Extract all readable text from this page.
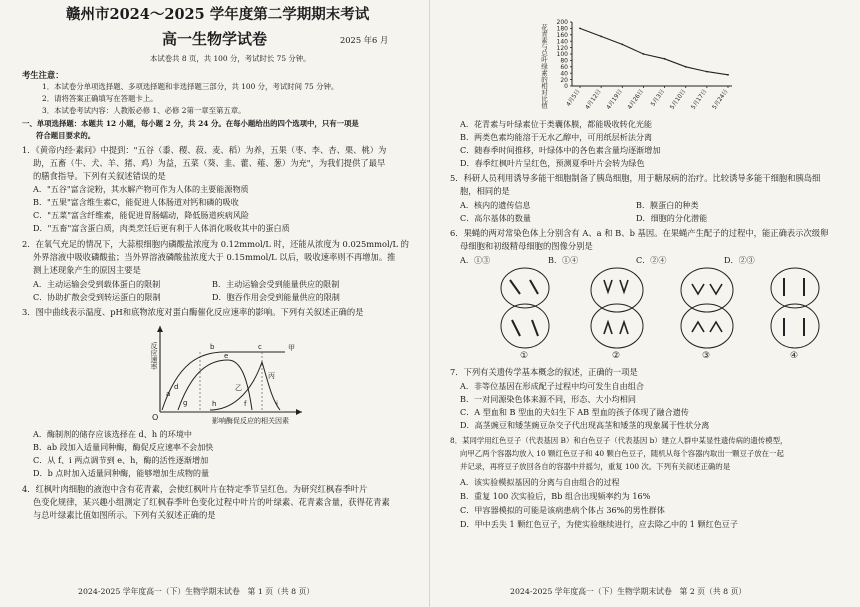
赣州市2024～2025 学年度第二学期期末考试
高一生物学试卷	2025 年6 月
本试卷共 8 页，共 100 分，考试时长 75 分钟。
考生注意：
1．本试卷分单项选择题、多项选择题和非选择题三部分，共 100 分，考试时间 75 分钟。
2．请将答案正确填写在答题卡上。
3．本试卷考试内容：人教版必修 1、必修 2第一章至第五章。
一、单项选择题：本题共 12 小题，每小题 2 分，共 24 分。在每小题给出的四个选项中，只有一项是
符合题目要求的。
1．《黄帝内经·素问》中提到："五谷（黍、稷、菽、麦、稻）为养，五果（枣、李、杏、栗、桃）为
助，五畜（牛、犬、羊、猪、鸡）为益，五菜（葵、韭、藿、薤、葱）为充"，为我们提供了最早
的膳食指导。下列有关叙述错误的是
A．"五谷"富含淀粉，其水解产物可作为人体的主要能源物质
B．"五果"富含维生素C，能促进人体肠道对钙和磷的吸收
C．"五菜"富含纤维素，能促进胃肠蠕动，降低肠道疾病风险
D．"五畜"富含蛋白质，肉类烹饪后更有利于人体消化吸收其中的蛋白质
2．在氧气充足的情况下，大蒜根细胞内磷酸盐浓度为 0.12mmol/L 时，还能从浓度为 0.025mmol/L 的
外界溶液中吸收磷酸盐；当外界溶液磷酸盐浓度大于 0.15mmol/L 以后，吸收速率则不再增加。推
测上述现象产生的原因主要是
A．主动运输会受到载体蛋白的限制	B．主动运输会受到能量供应的限制
C．协助扩散会受到转运蛋白的限制	D．胞吞作用会受到能量供应的限制
3．图中曲线表示温度、pH和底物浓度对蛋白酶催化反应速率的影响。下列有关叙述正确的是
反应速率
O	影响酶促反应的相关因素
a
b	c
d
e
f
g	h	i
甲
乙
丙
A．酶制剂的储存应该选择在 d、h 的环境中
B．ab 段加入适量同种酶，酶促反应速率不会加快
C．从 f、i 两点调节到 e、h，酶的活性逐渐增加
D．b 点时加入适量同种酶，能够增加生成物的量
4．红枫叶肉细胞的液泡中含有花青素，会使红枫叶片在特定季节呈红色。为研究红枫春季叶片
色变化规律，某兴趣小组测定了红枫春季叶色变化过程中叶片的叶绿素、花青素含量，获得花青素
与总叶绿素比值如图所示。下列有关叙述正确的是
2024-2025 学年度高一（下）生物学期末试卷　第 1 页（共 8 页）
花青素与总叶绿素的相对比值	0
20
40
60
80
100
120
140
160
180
200
4月5日 4月12日 4月19日 4月26日 5月3日 5月10日 5月17日 5月24日
A．花青素与叶绿素位于类囊体膜，都能吸收转化光能
B．两类色素均能溶于无水乙醇中，可用纸层析法分离
C．随春季时间推移，叶绿体中的各色素含量均逐渐增加
D．春季红枫叶片呈红色，预测夏季叶片会转为绿色
5．科研人员利用诱导多能干细胞制备了胰岛细胞，用于糖尿病的治疗。比较诱导多能干细胞和胰岛细
胞，相同的是
A．核内的遗传信息	B．膜蛋白的种类
C．高尔基体的数量	D．细胞的分化潜能
6．果蝇的两对常染色体上分别含有 A、a 和 B、b 基因。在果蝇产生配子的过程中，能正确表示次级卵
母细胞和初级精母细胞的图像分别是
A．①③	B．①④	C．②④	D．②③
①	②	③	④
7．下列有关遗传学基本概念的叙述，正确的一项是
A．非等位基因在形成配子过程中均可发生自由组合
B．一对同源染色体来源不同，形态、大小均相同
C．A 型血和 B 型血的夫妇生下 AB 型血的孩子体现了融合遗传
D．高茎豌豆和矮茎豌豆杂交子代出现高茎和矮茎的现象属于性状分离
8．某同学用红色豆子（代表基因 B）和白色豆子（代表基因 b）建立人群中某显性遗传病的遗传模型，
向甲乙两个容器均放入 10 颗红色豆子和 40 颗白色豆子，随机从每个容器内取出一颗豆子放在一起
并记录，再将豆子放回各自的容器中并摇匀，重复 100 次。下列有关叙述正确的是
A．该实验模拟基因的分离与自由组合的过程
B．重复 100 次实验后，Bb 组合出现频率约为 16%
C．甲容器模拟的可能是该病患病个体占 36%的男性群体
D．甲中丢失 1 颗红色豆子，为使实验继续进行，应去除乙中的 1 颗红色豆子
2024-2025 学年度高一（下）生物学期末试卷　第 2 页（共 8 页）
